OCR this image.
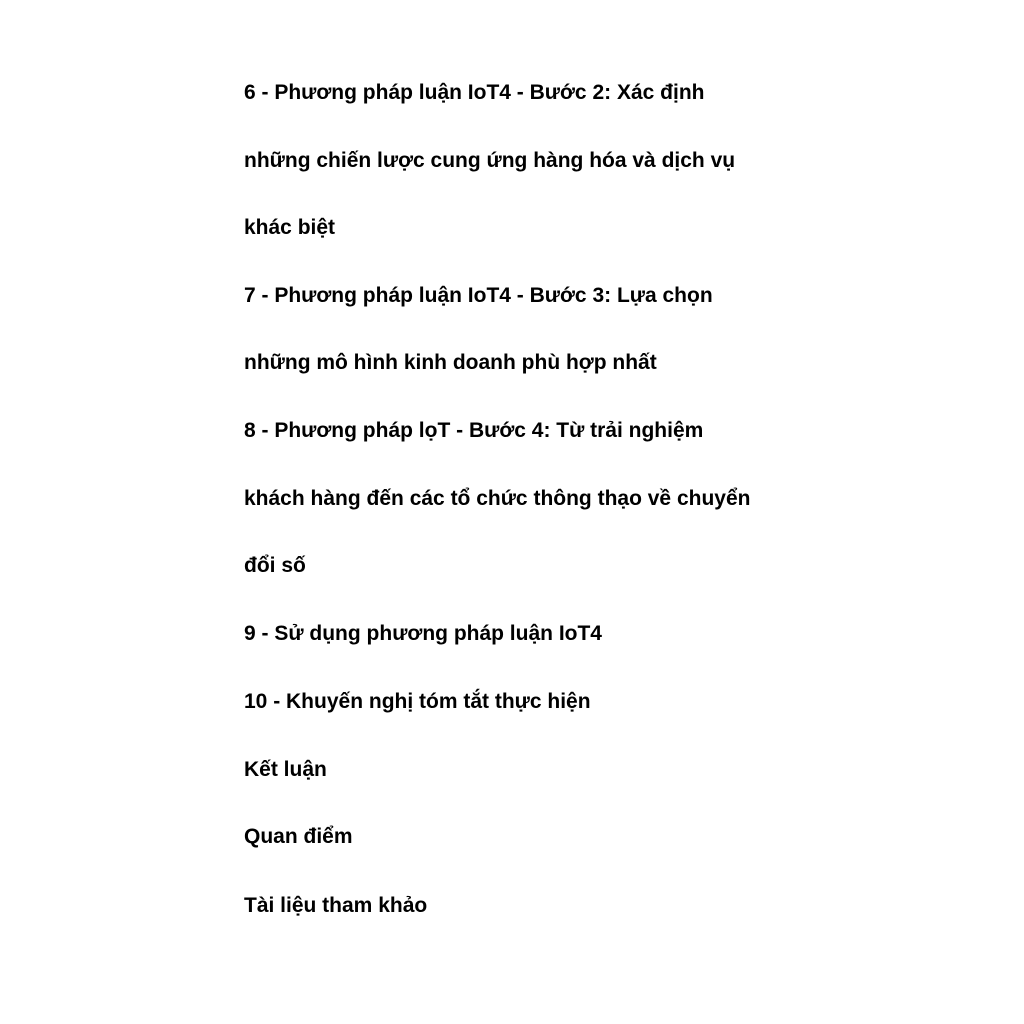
6 - Phương pháp luận IoT4 - Bước 2: Xác định
những chiến lược cung ứng hàng hóa và dịch vụ
khác biệt
7 - Phương pháp luận IoT4 - Bước 3: Lựa chọn
những mô hình kinh doanh phù hợp nhất
8 - Phương pháp lọT - Bước 4: Từ trải nghiệm
khách hàng đến các tổ chức thông thạo về chuyển
đổi số
9 - Sử dụng phương pháp luận IoT4
10 - Khuyến nghị tóm tắt thực hiện
Kết luận
Quan điểm
Tài liệu tham khảo
